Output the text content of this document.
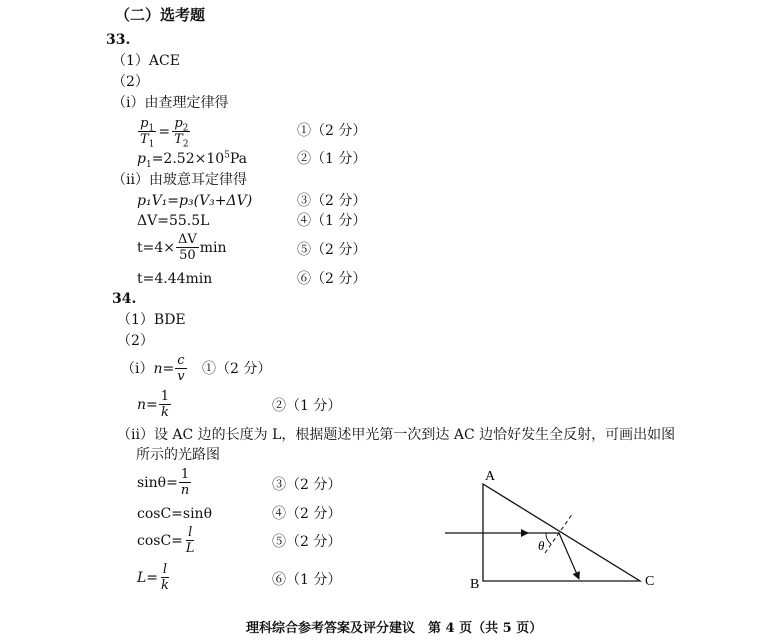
（二）选考题
33.
（1）ACE
（2）
（i）由查理定律得
$\frac{p_1}{T_1} = \frac{p_2}{T_2}$	①（2 分）
$p_1=2.52\times 10^5Pa$	②（1 分）
（ii）由玻意耳定律得
p₁V₁=p₃(V₃+ΔV)	③（2 分）
ΔV=55.5L	④（1 分）
$t=4\times \frac{\Delta V}{50}$ min	⑤（2 分）
t=4.44min	⑥（2 分）
34.
（1）BDE
（2）
（i） $n= \frac{c}{v}$ ①（2 分）
$n= \frac{1}{k}$	②（1 分）
（ii）设 AC 边的长度为 L，根据题述甲光第一次到达 AC 边恰好发生全反射，可画出如图
所示的光路图
$\sin\theta= \frac{1}{n}$	③（2 分）
cosC=sinθ	④（2 分）
$\cos C= \frac{l}{L}$	⑤（2 分）
$L= \frac{l}{k}$	⑥（1 分）
θ
A
B	C
理科综合参考答案及评分建议　第 4 页（共 5 页）
